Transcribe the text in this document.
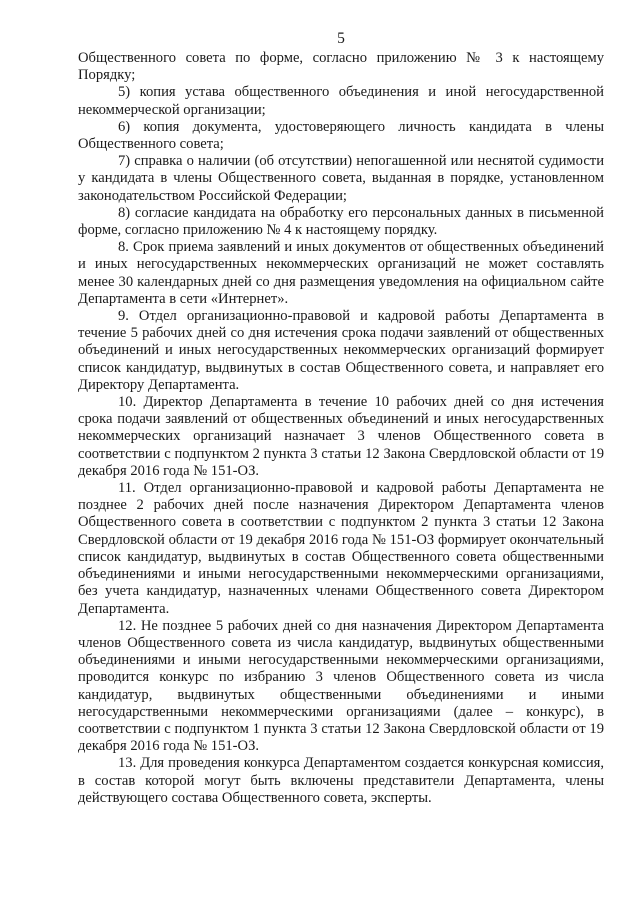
5

Общественного совета по форме, согласно приложению № 3 к настоящему Порядку;

5) копия устава общественного объединения и иной негосударственной некоммерческой организации;

6) копия документа, удостоверяющего личность кандидата в члены Общественного совета;

7) справка о наличии (об отсутствии) непогашенной или неснятой судимости у кандидата в члены Общественного совета, выданная в порядке, установленном законодательством Российской Федерации;

8) согласие кандидата на обработку его персональных данных в письменной форме, согласно приложению № 4 к настоящему порядку.

8. Срок приема заявлений и иных документов от общественных объединений и иных негосударственных некоммерческих организаций не может составлять менее 30 календарных дней со дня размещения уведомления на официальном сайте Департамента в сети «Интернет».

9. Отдел организационно-правовой и кадровой работы Департамента в течение 5 рабочих дней со дня истечения срока подачи заявлений от общественных объединений и иных негосударственных некоммерческих организаций формирует список кандидатур, выдвинутых в состав Общественного совета, и направляет его Директору Департамента.

10. Директор Департамента в течение 10 рабочих дней со дня истечения срока подачи заявлений от общественных объединений и иных негосударственных некоммерческих организаций назначает 3 членов Общественного совета в соответствии с подпунктом 2 пункта 3 статьи 12 Закона Свердловской области от 19 декабря 2016 года № 151-ОЗ.

11. Отдел организационно-правовой и кадровой работы Департамента не позднее 2 рабочих дней после назначения Директором Департамента членов Общественного совета в соответствии с подпунктом 2 пункта 3 статьи 12 Закона Свердловской области от 19 декабря 2016 года № 151-ОЗ формирует окончательный список кандидатур, выдвинутых в состав Общественного совета общественными объединениями и иными негосударственными некоммерческими организациями, без учета кандидатур, назначенных членами Общественного совета Директором Департамента.

12. Не позднее 5 рабочих дней со дня назначения Директором Департамента членов Общественного совета из числа кандидатур, выдвинутых общественными объединениями и иными негосударственными некоммерческими организациями, проводится конкурс по избранию 3 членов Общественного совета из числа кандидатур, выдвинутых общественными объединениями и иными негосударственными некоммерческими организациями (далее – конкурс), в соответствии с подпунктом 1 пункта 3 статьи 12 Закона Свердловской области от 19 декабря 2016 года № 151-ОЗ.

13. Для проведения конкурса Департаментом создается конкурсная комиссия, в состав которой могут быть включены представители Департамента, члены действующего состава Общественного совета, эксперты.
